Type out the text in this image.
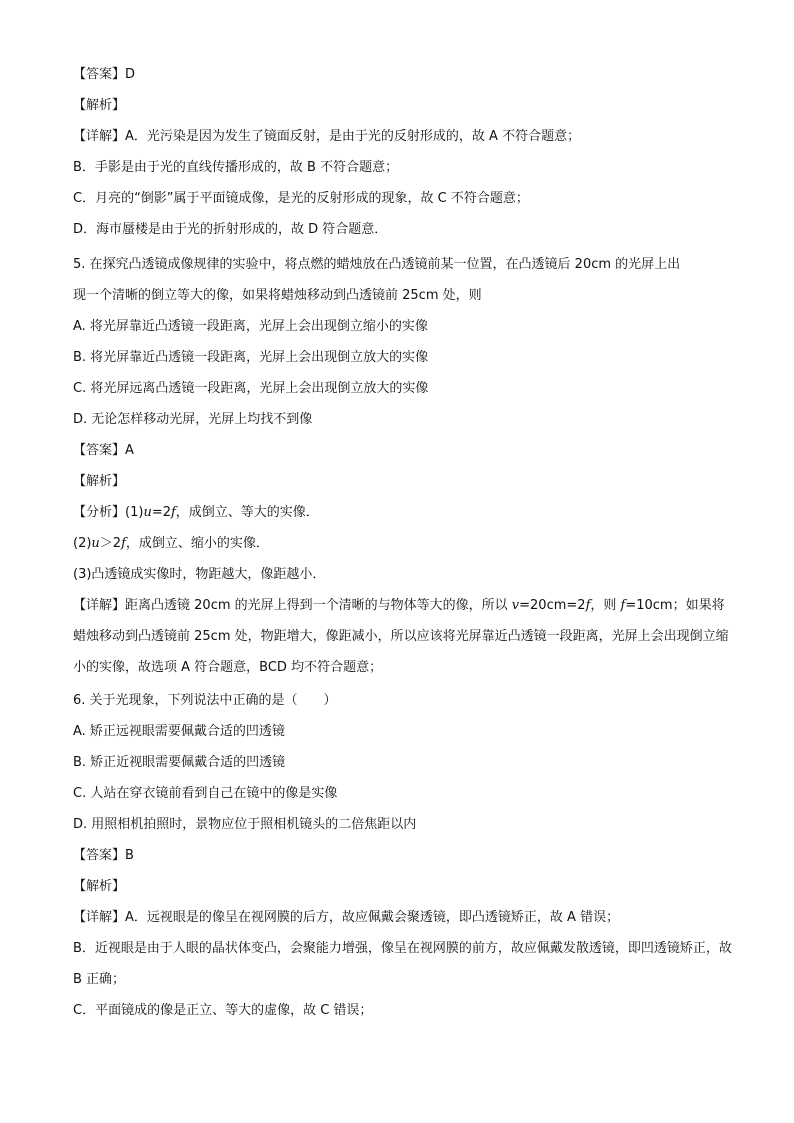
【答案】D
【解析】
【详解】A．光污染是因为发生了镜面反射，是由于光的反射形成的，故 A 不符合题意；
B．手影是由于光的直线传播形成的，故 B 不符合题意；
C．月亮的“倒影”属于平面镜成像，是光的反射形成的现象，故 C 不符合题意；
D．海市蜃楼是由于光的折射形成的，故 D 符合题意．
5. 在探究凸透镜成像规律的实验中，将点燃的蜡烛放在凸透镜前某一位置，在凸透镜后 20cm 的光屏上出
现一个清晰的倒立等大的像，如果将蜡烛移动到凸透镜前 25cm 处，则
A. 将光屏靠近凸透镜一段距离，光屏上会出现倒立缩小的实像
B. 将光屏靠近凸透镜一段距离，光屏上会出现倒立放大的实像
C. 将光屏远离凸透镜一段距离，光屏上会出现倒立放大的实像
D. 无论怎样移动光屏，光屏上均找不到像
【答案】A
【解析】
【分析】(1)u=2f，成倒立、等大的实像．
(2)u＞2f，成倒立、缩小的实像．
(3)凸透镜成实像时，物距越大，像距越小．
【详解】距离凸透镜 20cm 的光屏上得到一个清晰的与物体等大的像，所以 v=20cm=2f，则 f=10cm；如果将蜡烛移动到凸透镜前 25cm 处，物距增大，像距减小，所以应该将光屏靠近凸透镜一段距离，光屏上会出现倒立缩小的实像，故选项 A 符合题意，BCD 均不符合题意；
6. 关于光现象，下列说法中正确的是（　　）
A. 矫正远视眼需要佩戴合适的凹透镜
B. 矫正近视眼需要佩戴合适的凹透镜
C. 人站在穿衣镜前看到自己在镜中的像是实像
D. 用照相机拍照时，景物应位于照相机镜头的二倍焦距以内
【答案】B
【解析】
【详解】A．远视眼是的像呈在视网膜的后方，故应佩戴会聚透镜，即凸透镜矫正，故 A 错误；
B．近视眼是由于人眼的晶状体变凸，会聚能力增强，像呈在视网膜的前方，故应佩戴发散透镜，即凹透镜矫正，故 B 正确；
C．平面镜成的像是正立、等大的虚像，故 C 错误；
